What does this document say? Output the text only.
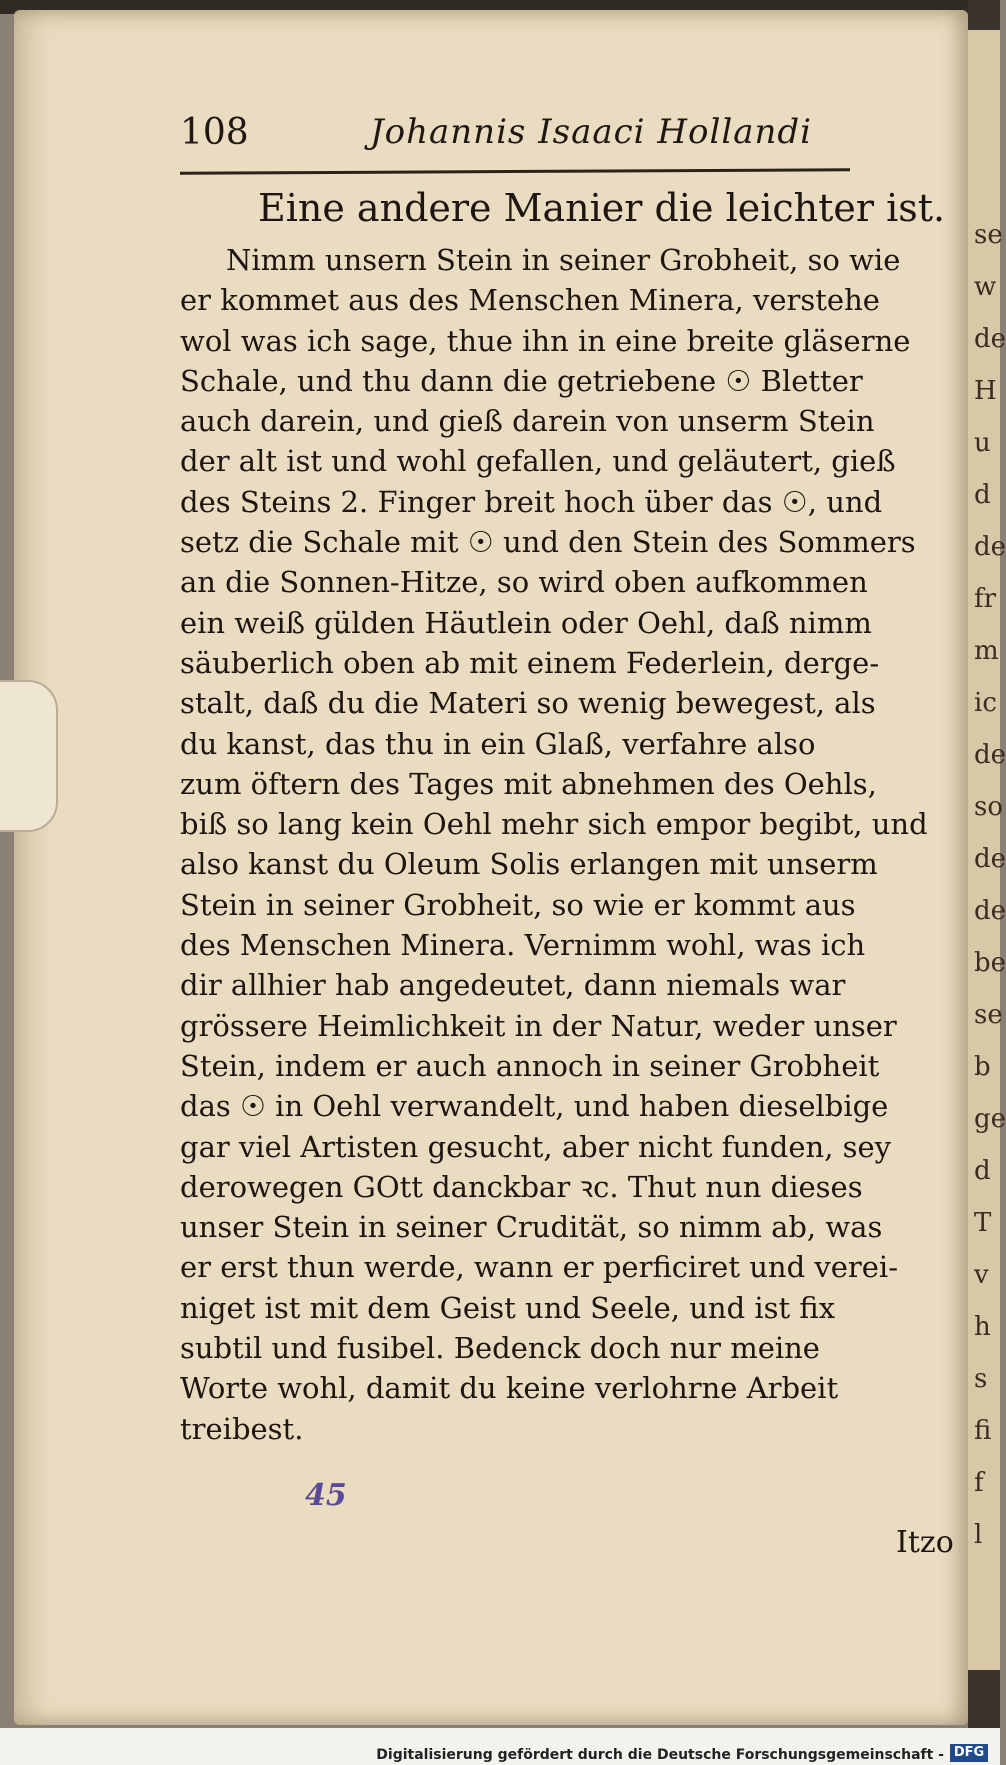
se
w
de
H
u
d
de
fr
m
ic
de
so
de
de
be
se
b
ge
d
T
v
h
s
fi
f
l
108	Johannis Isaaci Hollandi
Eine andere Manier die leichter ist.
Nimm unsern Stein in seiner Grobheit, so wie
er kommet aus des Menschen Minera, verstehe
wol was ich sage, thue ihn in eine breite gläserne
Schale, und thu dann die getriebene ☉ Bletter
auch darein, und gieß darein von unserm Stein
der alt ist und wohl gefallen, und geläutert, gieß
des Steins 2. Finger breit hoch über das ☉, und
setz die Schale mit ☉ und den Stein des Sommers
an die Sonnen-Hitze, so wird oben aufkommen
ein weiß gülden Häutlein oder Oehl, daß nimm
säuberlich oben ab mit einem Federlein, derge-
stalt, daß du die Materi so wenig bewegest, als
du kanst, das thu in ein Glaß, verfahre also
zum öftern des Tages mit abnehmen des Oehls,
biß so lang kein Oehl mehr sich empor begibt, und
also kanst du Oleum Solis erlangen mit unserm
Stein in seiner Grobheit, so wie er kommt aus
des Menschen Minera. Vernimm wohl, was ich
dir allhier hab angedeutet, dann niemals war
grössere Heimlichkeit in der Natur, weder unser
Stein, indem er auch annoch in seiner Grobheit
das ☉ in Oehl verwandelt, und haben dieselbige
gar viel Artisten gesucht, aber nicht funden, sey
derowegen GOtt danckbar ꝛc. Thut nun dieses
unser Stein in seiner Crudität, so nimm ab, was
er erst thun werde, wann er perficiret und verei-
niget ist mit dem Geist und Seele, und ist fix
subtil und fusibel. Bedenck doch nur meine
Worte wohl, damit du keine verlohrne Arbeit
treibest.
45
Itzo
Digitalisierung gefördert durch die Deutsche Forschungsgemeinschaft - DFG
